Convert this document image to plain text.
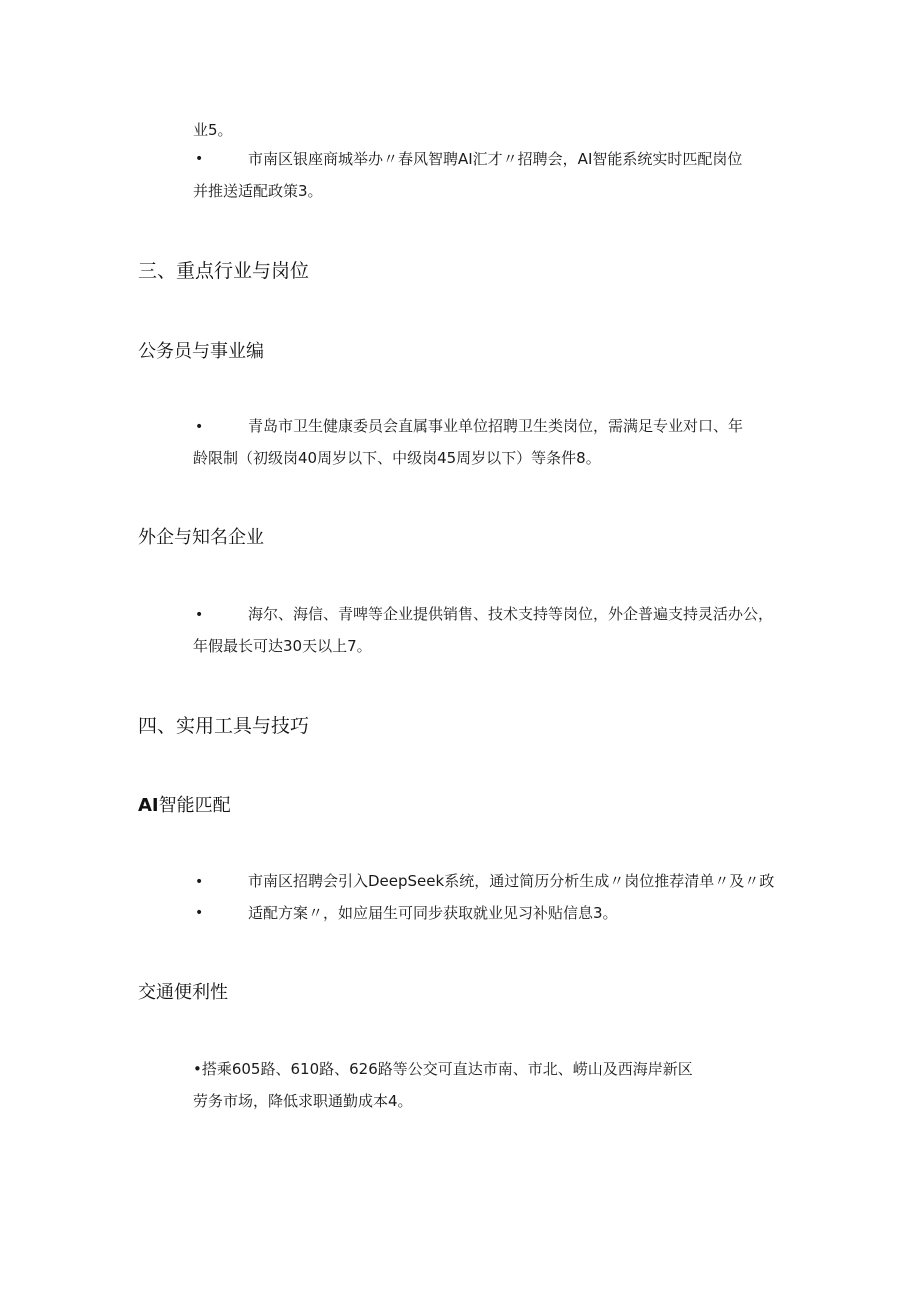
业5。
•	市南区银座商城举办〃春风智聘AI汇才〃招聘会，AI智能系统实时匹配岗位
并推送适配政策3。
三、重点行业与岗位
公务员与事业编
•	青岛市卫生健康委员会直属事业单位招聘卫生类岗位，需满足专业对口、年
龄限制（初级岗40周岁以下、中级岗45周岁以下）等条件8。
外企与知名企业
•	海尔、海信、青啤等企业提供销售、技术支持等岗位，外企普遍支持灵活办公，
年假最长可达30天以上7。
四、实用工具与技巧
AI智能匹配
•	市南区招聘会引入DeepSeek系统，通过简历分析生成〃岗位推荐清单〃及〃政
•	适配方案〃，如应届生可同步获取就业见习补贴信息3。
交通便利性
•搭乘605路、610路、626路等公交可直达市南、市北、崂山及西海岸新区
劳务市场，降低求职通勤成本4。
